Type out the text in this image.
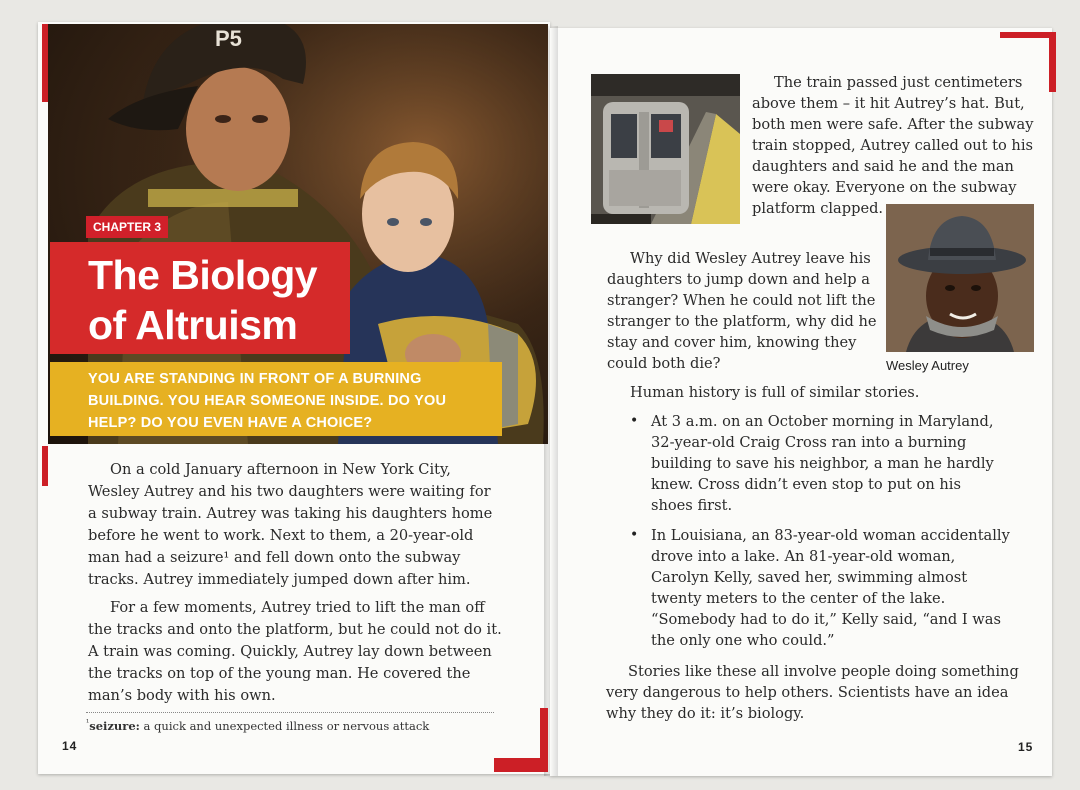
P5
CHAPTER 3
The Biology
of Altruism
YOU ARE STANDING IN FRONT OF A BURNING
BUILDING. YOU HEAR SOMEONE INSIDE. DO YOU
HELP? DO YOU EVEN HAVE A CHOICE?
On a cold January afternoon in New York City,
Wesley Autrey and his two daughters were waiting for
a subway train. Autrey was taking his daughters home
before he went to work. Next to them, a 20-year-old
man had a seizure¹ and fell down onto the subway
tracks. Autrey immediately jumped down after him.
For a few moments, Autrey tried to lift the man off
the tracks and onto the platform, but he could not do it.
A train was coming. Quickly, Autrey lay down between
the tracks on top of the young man. He covered the
man’s body with his own.
$^{^1}$seizure: a quick and unexpected illness or nervous attack
14
The train passed just centimeters
above them – it hit Autrey’s hat. But,
both men were safe. After the subway
train stopped, Autrey called out to his
daughters and said he and the man
were okay. Everyone on the subway
platform clapped.
Wesley Autrey
Why did Wesley Autrey leave his
daughters to jump down and help a
stranger? When he could not lift the
stranger to the platform, why did he
stay and cover him, knowing they
could both die?
Human history is full of similar stories.
• At 3 a.m. on an October morning in Maryland,
32-year-old Craig Cross ran into a burning
building to save his neighbor, a man he hardly
knew. Cross didn’t even stop to put on his
shoes first.
• In Louisiana, an 83-year-old woman accidentally
drove into a lake. An 81-year-old woman,
Carolyn Kelly, saved her, swimming almost
twenty meters to the center of the lake.
“Somebody had to do it,” Kelly said, “and I was
the only one who could.”
Stories like these all involve people doing something
very dangerous to help others. Scientists have an idea
why they do it: it’s biology.
15
